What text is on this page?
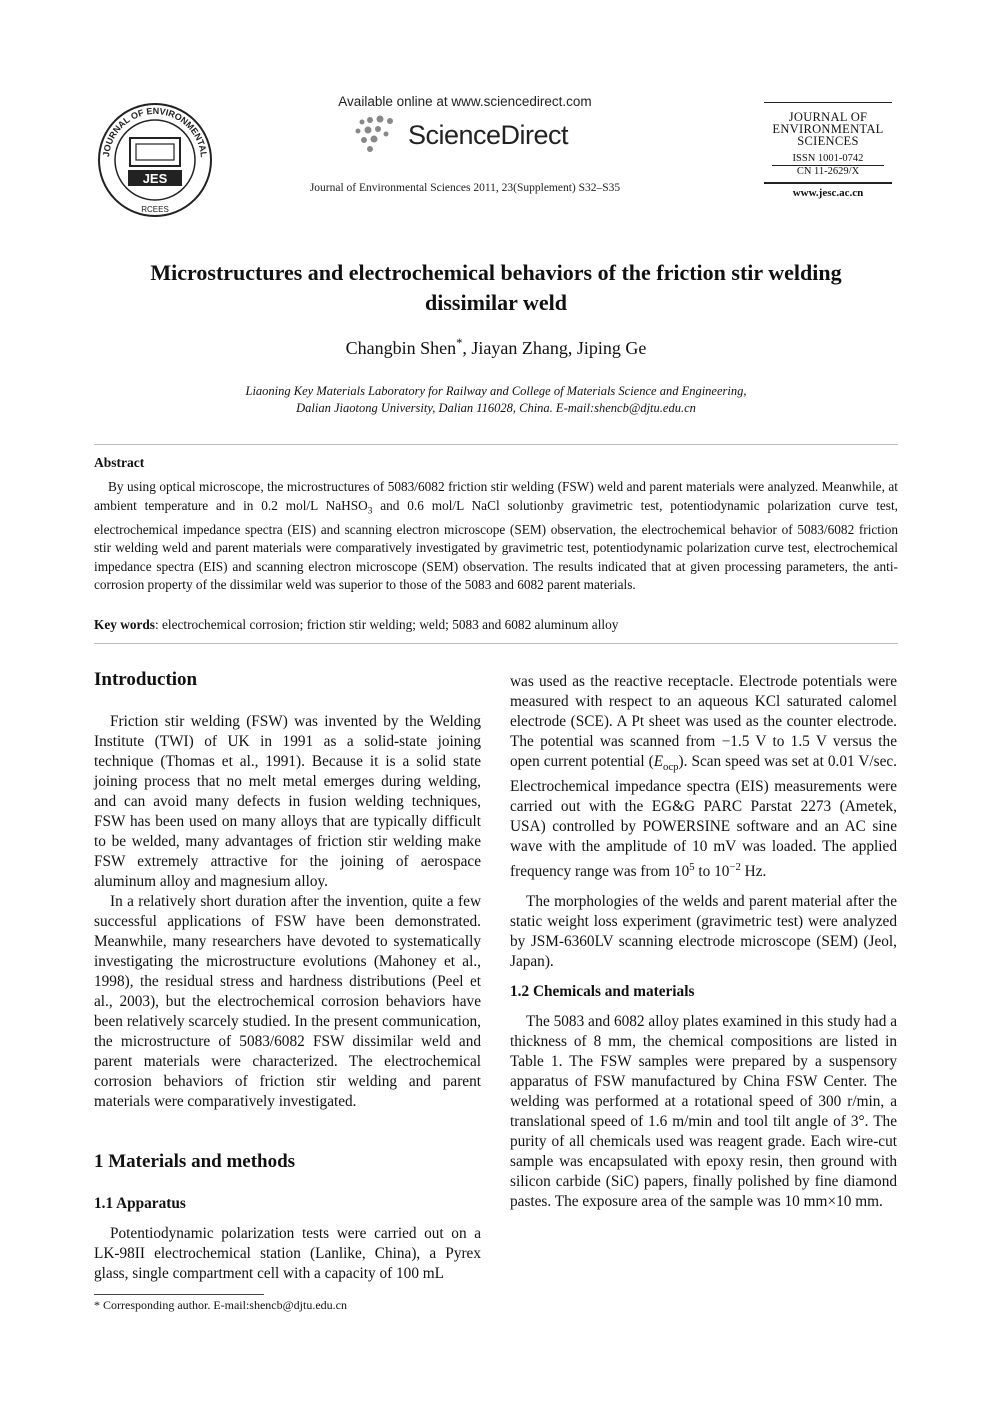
JOURNAL OF ENVIRONMENTAL
JES
RCEES
Available online at www.sciencedirect.com
ScienceDirect
Journal of Environmental Sciences 2011, 23(Supplement) S32–S35
JOURNAL OF
ENVIRONMENTAL
SCIENCES
ISSN 1001-0742
CN 11-2629/X
www.jesc.ac.cn
Microstructures and electrochemical behaviors of the friction stir welding
dissimilar weld
Changbin Shen*, Jiayan Zhang, Jiping Ge
Liaoning Key Materials Laboratory for Railway and College of Materials Science and Engineering,
Dalian Jiaotong University, Dalian 116028, China. E-mail:shencb@djtu.edu.cn
Abstract
By using optical microscope, the microstructures of 5083/6082 friction stir welding (FSW) weld and parent materials were analyzed. Meanwhile, at ambient temperature and in 0.2 mol/L NaHSO$_3$ and 0.6 mol/L NaCl solutionby gravimetric test, potentiodynamic polarization curve test, electrochemical impedance spectra (EIS) and scanning electron microscope (SEM) observation, the electrochemical behavior of 5083/6082 friction stir welding weld and parent materials were comparatively investigated by gravimetric test, potentiodynamic polarization curve test, electrochemical impedance spectra (EIS) and scanning electron microscope (SEM) observation. The results indicated that at given processing parameters, the anti-corrosion property of the dissimilar weld was superior to those of the 5083 and 6082 parent materials.
Key words: electrochemical corrosion; friction stir welding; weld; 5083 and 6082 aluminum alloy
Introduction
Friction stir welding (FSW) was invented by the Welding Institute (TWI) of UK in 1991 as a solid-state joining technique (Thomas et al., 1991). Because it is a solid state joining process that no melt metal emerges during welding, and can avoid many defects in fusion welding techniques, FSW has been used on many alloys that are typically difficult to be welded, many advantages of friction stir welding make FSW extremely attractive for the joining of aerospace aluminum alloy and magnesium alloy.
In a relatively short duration after the invention, quite a few successful applications of FSW have been demonstrated. Meanwhile, many researchers have devoted to systematically investigating the microstructure evolutions (Mahoney et al., 1998), the residual stress and hardness distributions (Peel et al., 2003), but the electrochemical corrosion behaviors have been relatively scarcely studied. In the present communication, the microstructure of 5083/6082 FSW dissimilar weld and parent materials were characterized. The electrochemical corrosion behaviors of friction stir welding and parent materials were comparatively investigated.
1 Materials and methods
1.1 Apparatus
Potentiodynamic polarization tests were carried out on a LK-98II electrochemical station (Lanlike, China), a Pyrex glass, single compartment cell with a capacity of 100 mL
was used as the reactive receptacle. Electrode potentials were measured with respect to an aqueous KCl saturated calomel electrode (SCE). A Pt sheet was used as the counter electrode. The potential was scanned from −1.5 V to 1.5 V versus the open current potential $(E_{ocp})$. Scan speed was set at 0.01 V/sec. Electrochemical impedance spectra (EIS) measurements were carried out with the EG&G PARC Parstat 2273 (Ametek, USA) controlled by POWERSINE software and an AC sine wave with the amplitude of 10 mV was loaded. The applied frequency range was from $10^5$ to $10^{-2}$ Hz.
The morphologies of the welds and parent material after the static weight loss experiment (gravimetric test) were analyzed by JSM-6360LV scanning electrode microscope (SEM) (Jeol, Japan).
1.2 Chemicals and materials
The 5083 and 6082 alloy plates examined in this study had a thickness of 8 mm, the chemical compositions are listed in Table 1. The FSW samples were prepared by a suspensory apparatus of FSW manufactured by China FSW Center. The welding was performed at a rotational speed of 300 r/min, a translational speed of 1.6 m/min and tool tilt angle of 3°. The purity of all chemicals used was reagent grade. Each wire-cut sample was encapsulated with epoxy resin, then ground with silicon carbide (SiC) papers, finally polished by fine diamond pastes. The exposure area of the sample was 10 mm×10 mm.
* Corresponding author. E-mail:shencb@djtu.edu.cn
